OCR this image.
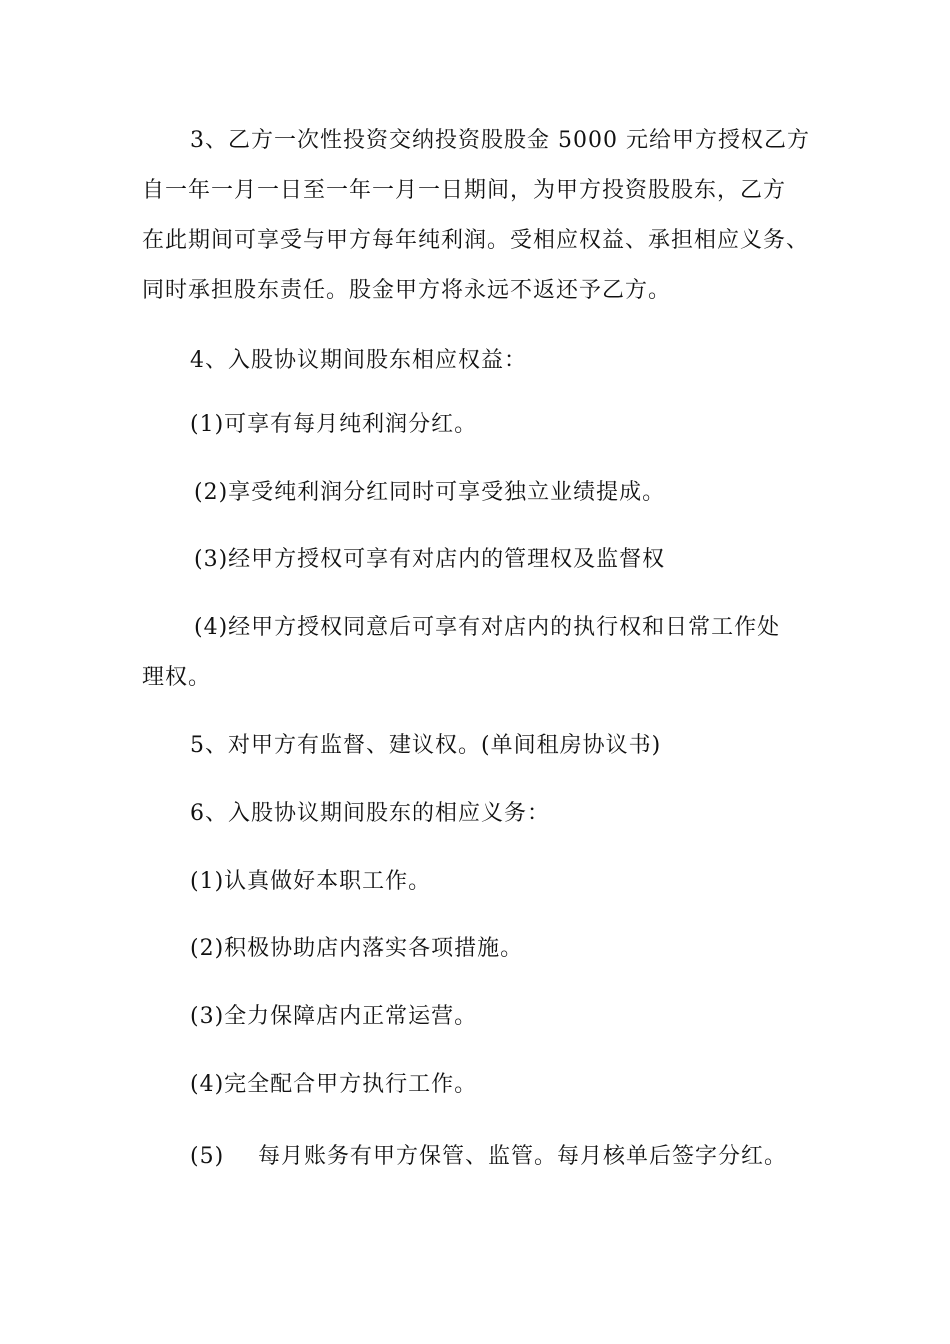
3、乙方一次性投资交纳投资股股金 5000 元给甲方授权乙方
自一年一月一日至一年一月一日期间，为甲方投资股股东，乙方
在此期间可享受与甲方每年纯利润。受相应权益、承担相应义务、
同时承担股东责任。股金甲方将永远不返还予乙方。
4、入股协议期间股东相应权益：
(1)可享有每月纯利润分红。
(2)享受纯利润分红同时可享受独立业绩提成。
(3)经甲方授权可享有对店内的管理权及监督权
(4)经甲方授权同意后可享有对店内的执行权和日常工作处
理权。
5、对甲方有监督、建议权。(单间租房协议书)
6、入股协议期间股东的相应义务：
(1)认真做好本职工作。
(2)积极协助店内落实各项措施。
(3)全力保障店内正常运营。
(4)完全配合甲方执行工作。
(5) 每月账务有甲方保管、监管。每月核单后签字分红。
